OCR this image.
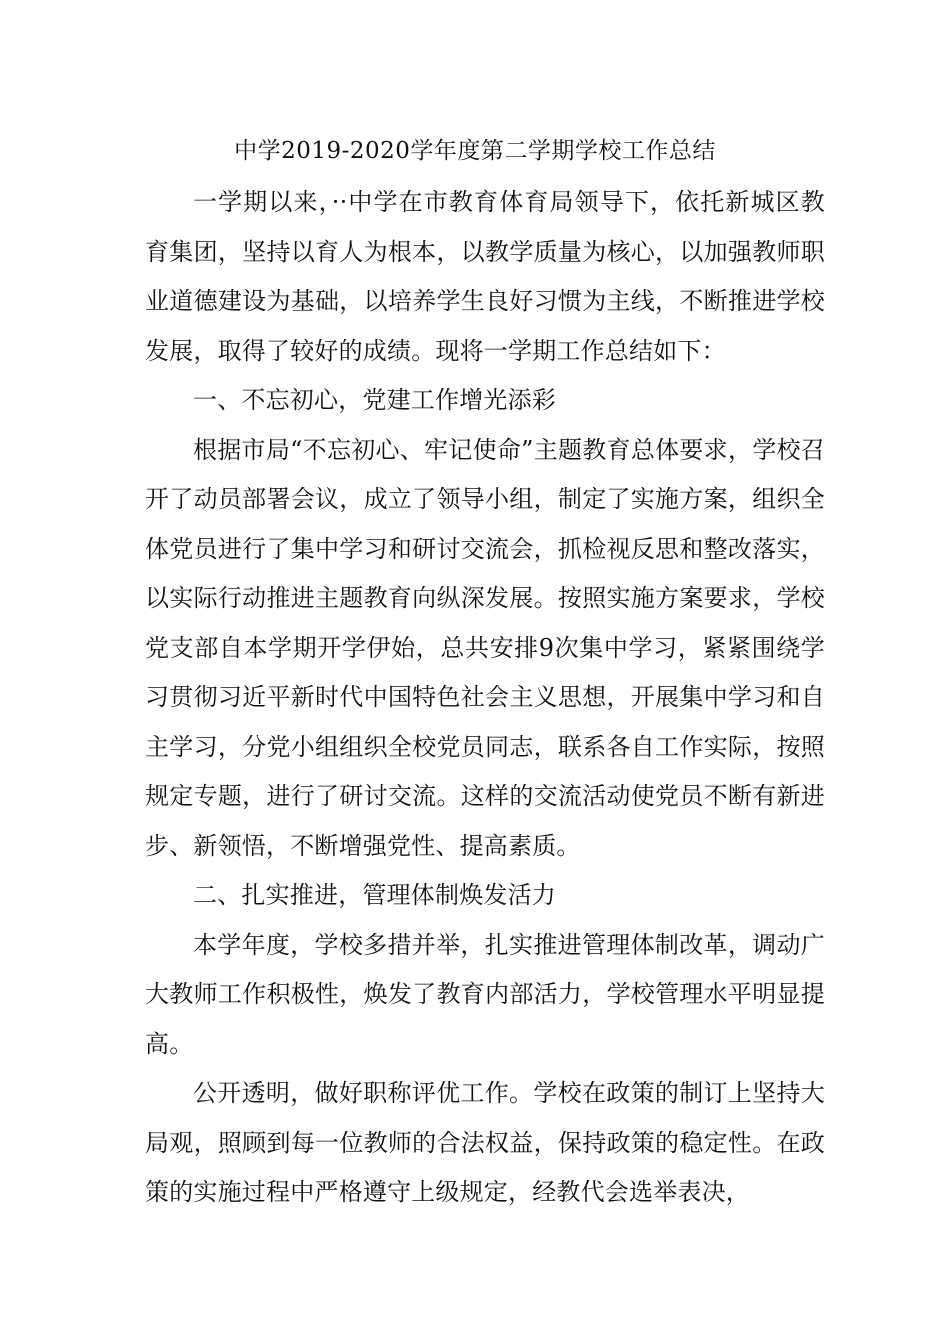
中学2019-2020学年度第二学期学校工作总结

一学期以来，··中学在市教育体育局领导下，依托新城区教育集团，坚持以育人为根本，以教学质量为核心，以加强教师职业道德建设为基础，以培养学生良好习惯为主线，不断推进学校发展，取得了较好的成绩。现将一学期工作总结如下：

一、不忘初心，党建工作增光添彩

根据市局“不忘初心、牢记使命”主题教育总体要求，学校召开了动员部署会议，成立了领导小组，制定了实施方案，组织全体党员进行了集中学习和研讨交流会，抓检视反思和整改落实，以实际行动推进主题教育向纵深发展。按照实施方案要求，学校党支部自本学期开学伊始，总共安排9次集中学习，紧紧围绕学习贯彻习近平新时代中国特色社会主义思想，开展集中学习和自主学习，分党小组组织全校党员同志，联系各自工作实际，按照规定专题，进行了研讨交流。这样的交流活动使党员不断有新进步、新领悟，不断增强党性、提高素质。

二、扎实推进，管理体制焕发活力

本学年度，学校多措并举，扎实推进管理体制改革，调动广大教师工作积极性，焕发了教育内部活力，学校管理水平明显提高。

公开透明，做好职称评优工作。学校在政策的制订上坚持大局观，照顾到每一位教师的合法权益，保持政策的稳定性。在政策的实施过程中严格遵守上级规定，经教代会选举表决，
